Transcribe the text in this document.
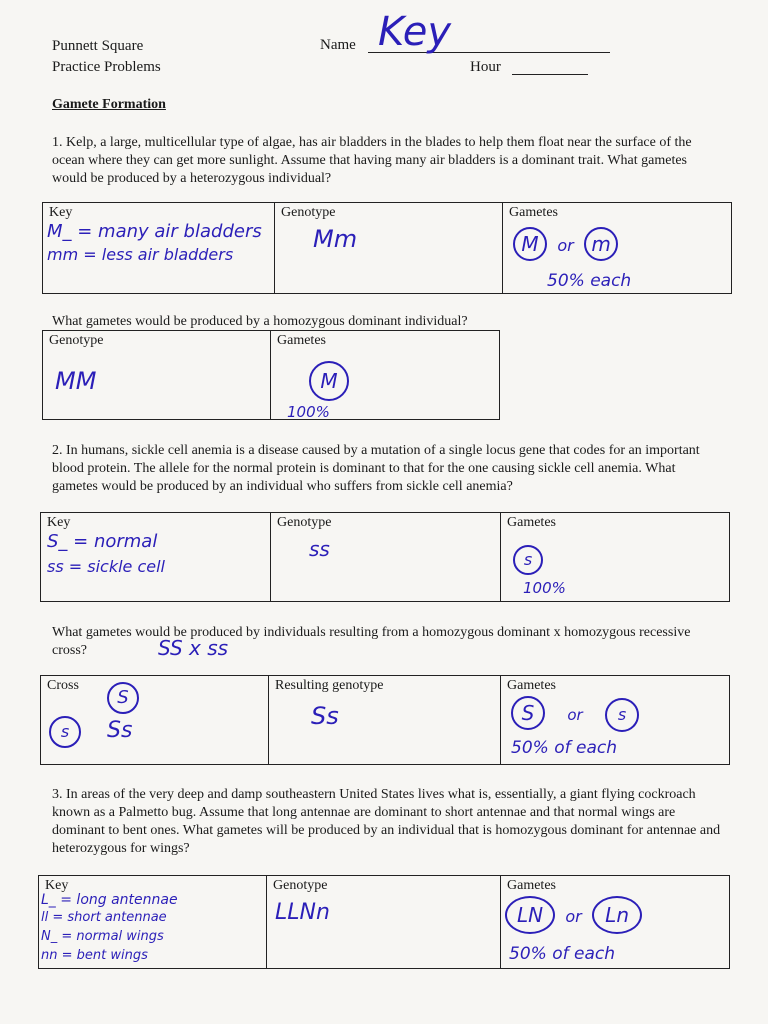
Punnett Square
Practice Problems
Name Key
Hour
Gamete Formation
1. Kelp, a large, multicellular type of algae, has air bladders in the blades to help them float near the surface of the ocean where they can get more sunlight. Assume that having many air bladders is a dominant trait. What gametes would be produced by a heterozygous individual?
Key
M_ = many air bladders
mm = less air bladders
Genotype
Mm
Gametes
M or m
50% each
What gametes would be produced by a homozygous dominant individual?
Genotype
MM
Gametes
M
100%
2. In humans, sickle cell anemia is a disease caused by a mutation of a single locus gene that codes for an important blood protein. The allele for the normal protein is dominant to that for the one causing sickle cell anemia. What gametes would be produced by an individual who suffers from sickle cell anemia?
Key
S_ = normal
ss = sickle cell
Genotype
ss
Gametes
s
100%
What gametes would be produced by individuals resulting from a homozygous dominant x homozygous recessive cross?	SS x ss
Cross
S
s	Ss
Resulting genotype
Ss
Gametes
S or s
50% of each
3. In areas of the very deep and damp southeastern United States lives what is, essentially, a giant flying cockroach known as a Palmetto bug. Assume that long antennae are dominant to short antennae and that normal wings are dominant to bent ones. What gametes will be produced by an individual that is homozygous dominant for antennae and heterozygous for wings?
Key
L_ = long antennae
ll = short antennae
N_ = normal wings
nn = bent wings
Genotype
LLNn
Gametes
LN or Ln
50% of each
